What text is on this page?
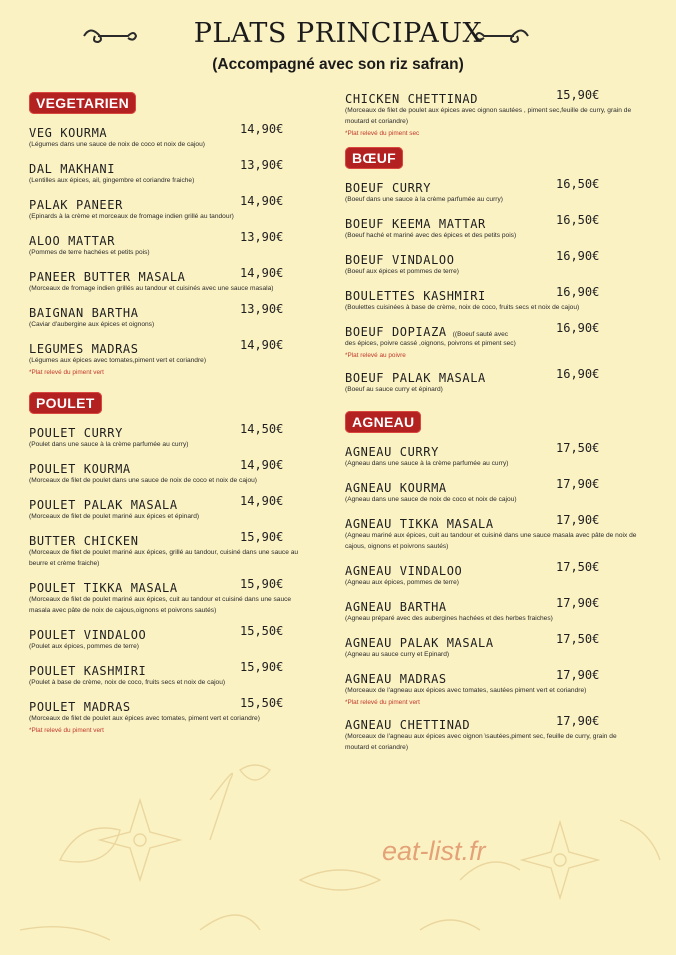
PLATS PRINCIPAUX
(Accompagné avec son riz safran)
VEGETARIEN
VEG KOURMA	14,90€
(Légumes dans une sauce de noix de coco et noix de cajou)
DAL MAKHANI	13,90€
(Lentilles aux épices, ail, gingembre et coriandre fraiche)
PALAK PANEER	14,90€
(Epinards à la crème et morceaux de fromage indien grillé au tandour)
ALOO MATTAR	13,90€
(Pommes de terre hachées et petits pois)
PANEER BUTTER MASALA	14,90€
(Morceaux de fromage indien grillés au tandour et cuisinés avec une sauce masala)
BAIGNAN BARTHA	13,90€
(Caviar d'aubergine aux épices et oignons)
LEGUMES MADRAS	14,90€
(Légumes aux épices avec tomates,piment vert et coriandre)
*Plat relevé du piment vert
POULET
POULET CURRY	14,50€
(Poulet dans une sauce à la crème parfumée au curry)
POULET KOURMA	14,90€
(Morceaux de filet de poulet dans une sauce de noix de coco et noix de cajou)
POULET PALAK MASALA	14,90€
(Morceaux de filet de poulet mariné aux épices et épinard)
BUTTER CHICKEN	15,90€
(Morceaux de filet de poulet mariné aux épices, grillé au tandour, cuisiné dans une sauce au beurre et crème fraiche)
POULET TIKKA MASALA	15,90€
(Morceaux de filet de poulet mariné aux épices, cuit au tandour et cuisiné dans une sauce masala avec pâte de noix de cajous,oignons et poivrons sautés)
POULET VINDALOO	15,50€
(Poulet aux épices, pommes de terre)
POULET KASHMIRI	15,90€
(Poulet à base de crème, noix de coco, fruits secs et noix de cajou)
POULET MADRAS	15,50€
(Morceaux de filet de poulet aux épices avec tomates, piment vert et coriandre)
*Plat relevé du piment vert
CHICKEN CHETTINAD	15,90€
(Morceaux de filet de poulet aux épices avec oignon sautées , piment sec,feuille de curry, grain de moutard et coriandre)
*Plat relevé du piment sec
BŒUF
BOEUF CURRY	16,50€
(Boeuf dans une sauce à la crème parfumée au curry)
BOEUF KEEMA MATTAR	16,50€
(Boeuf haché et mariné avec des épices et des petits pois)
BOEUF VINDALOO	16,90€
(Boeuf aux épices et pommes de terre)
BOULETTES KASHMIRI	16,90€
(Boulettes cuisinées à base de crème, noix de coco, fruits secs et noix de cajou)
BOEUF DOPIAZA ((Boeuf sauté avec	16,90€
des épices, poivre cassé ,oignons, poivrons et piment sec)
*Plat relevé au poivre
BOEUF PALAK MASALA	16,90€
(Boeuf au sauce curry et épinard)
AGNEAU
AGNEAU CURRY	17,50€
(Agneau dans une sauce à la crème parfumée au curry)
AGNEAU KOURMA	17,90€
(Agneau dans une sauce de noix de coco et noix de cajou)
AGNEAU TIKKA MASALA	17,90€
(Agneau mariné aux épices, cuit au tandour et cuisiné dans une sauce masala avec pâte de noix de cajous, oignons et poivrons sautés)
AGNEAU VINDALOO	17,50€
(Agneau aux épices, pommes de terre)
AGNEAU BARTHA	17,90€
(Agneau préparé avec des aubergines hachées et des herbes fraiches)
AGNEAU PALAK MASALA	17,50€
(Agneau au sauce curry et Epinard)
AGNEAU MADRAS	17,90€
(Morceaux de l'agneau aux épices avec tomates, sautées piment vert et coriandre)
*Plat relevé du piment vert
AGNEAU CHETTINAD	17,90€
(Morceaux de l'agneau aux épices avec oignon \sautées,piment sec, feuille de curry, grain de moutard et coriandre)
eat-list.fr
